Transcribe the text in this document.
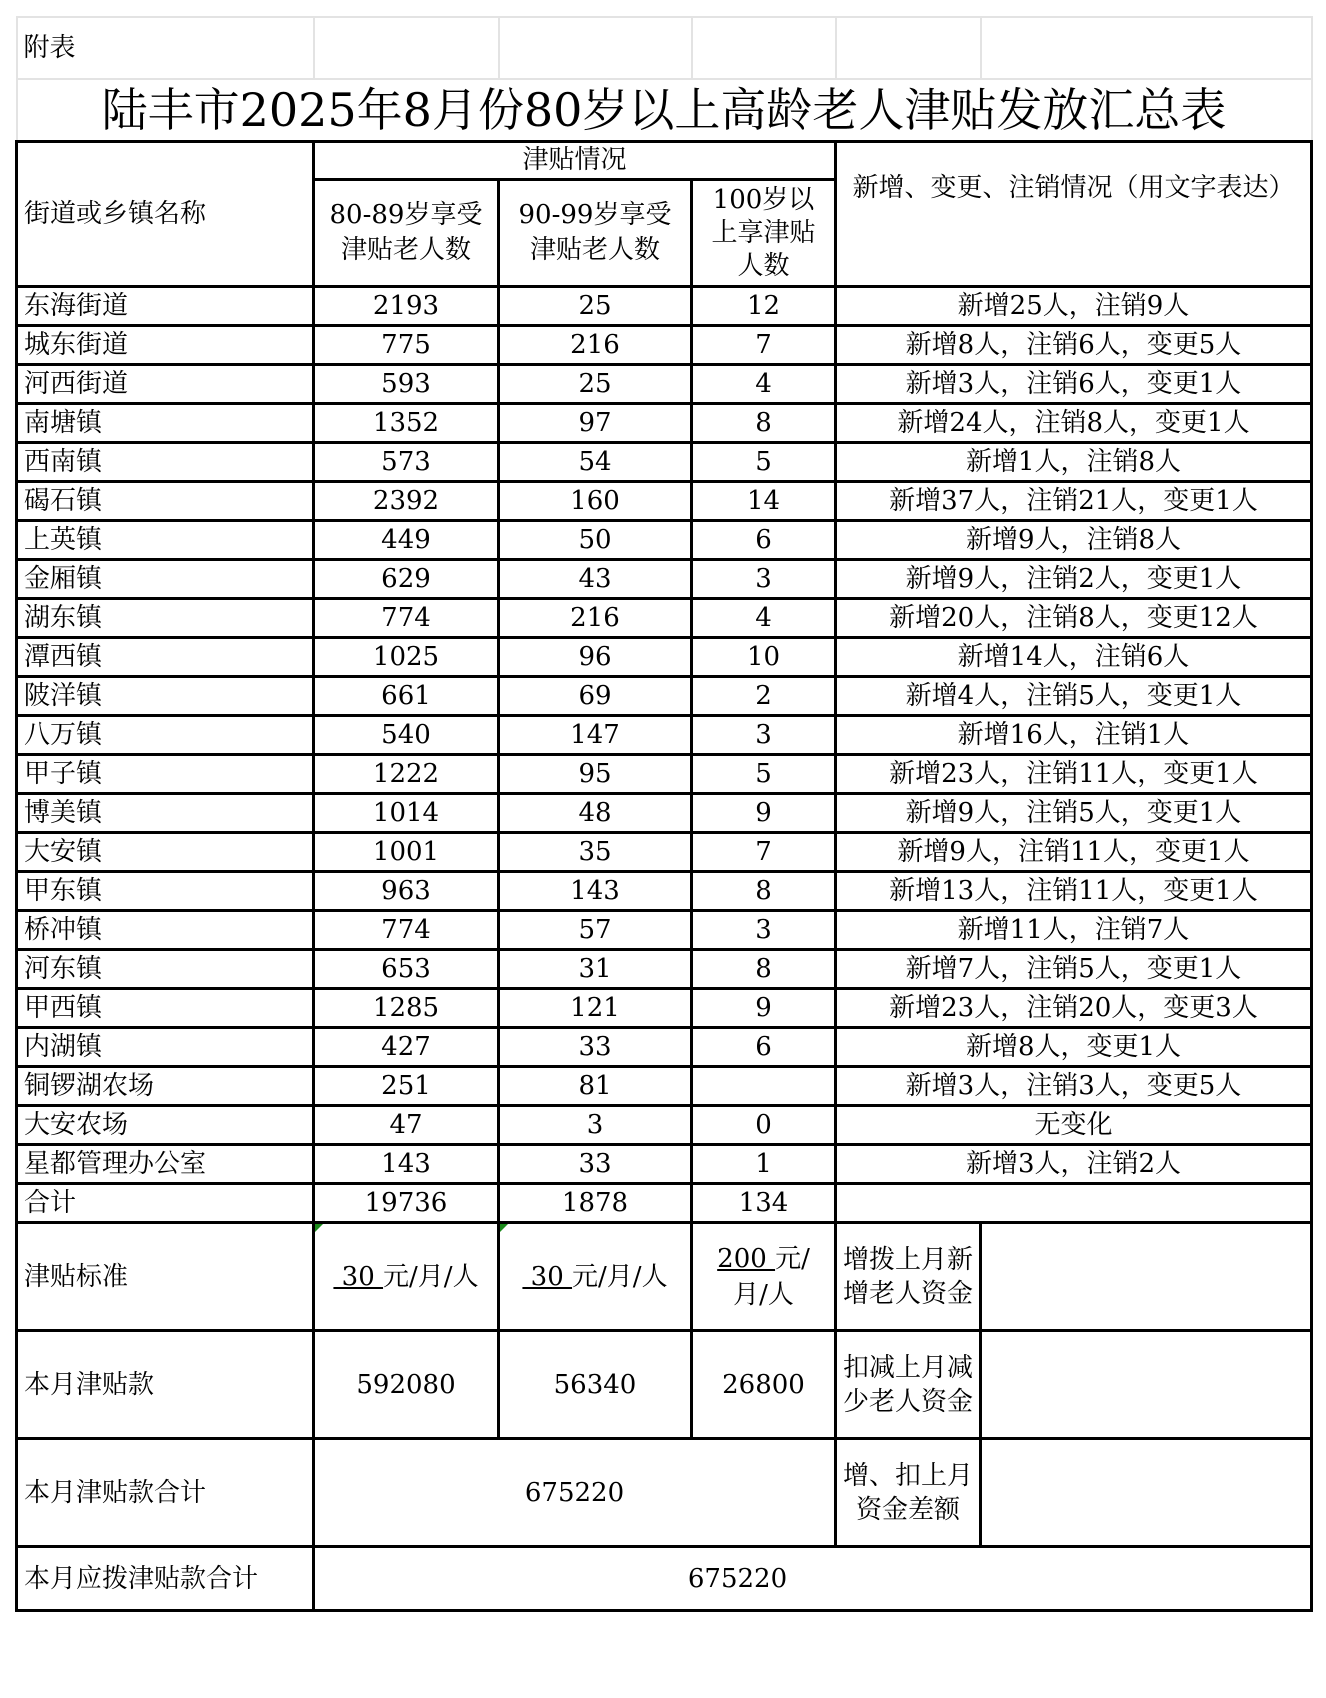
附表					
陆丰市2025年8月份80岁以上高龄老人津贴发放汇总表					
街道或乡镇名称	津贴情况			新增、变更、注销情况（用文字表达）	
	80-89岁享受津贴老人数	90-99岁享受津贴老人数	100岁以上享津贴人数		
东海街道	2193	25	12	新增25人，注销9人	
城东街道	775	216	7	新增8人，注销6人，变更5人	
河西街道	593	25	4	新增3人，注销6人，变更1人	
南塘镇	1352	97	8	新增24人，注销8人，变更1人	
西南镇	573	54	5	新增1人，注销8人	
碣石镇	2392	160	14	新增37人，注销21人，变更1人	
上英镇	449	50	6	新增9人，注销8人	
金厢镇	629	43	3	新增9人，注销2人，变更1人	
湖东镇	774	216	4	新增20人，注销8人，变更12人	
潭西镇	1025	96	10	新增14人，注销6人	
陂洋镇	661	69	2	新增4人，注销5人，变更1人	
八万镇	540	147	3	新增16人，注销1人	
甲子镇	1222	95	5	新增23人，注销11人，变更1人	
博美镇	1014	48	9	新增9人，注销5人，变更1人	
大安镇	1001	35	7	新增9人，注销11人，变更1人	
甲东镇	963	143	8	新增13人，注销11人，变更1人	
桥冲镇	774	57	3	新增11人，注销7人	
河东镇	653	31	8	新增7人，注销5人，变更1人	
甲西镇	1285	121	9	新增23人，注销20人，变更3人	
内湖镇	427	33	6	新增8人，变更1人	
铜锣湖农场	251	81		新增3人，注销3人，变更5人	
大安农场	47	3	0	无变化	
星都管理办公室	143	33	1	新增3人，注销2人	
合计	19736	1878	134		
津贴标准	30 元/月/人	30 元/月/人	200 元/月/人	增拨上月新增老人资金	
本月津贴款	592080	56340	26800	扣减上月减少老人资金	
本月津贴款合计	675220			增、扣上月资金差额	
本月应拨津贴款合计	675220				
